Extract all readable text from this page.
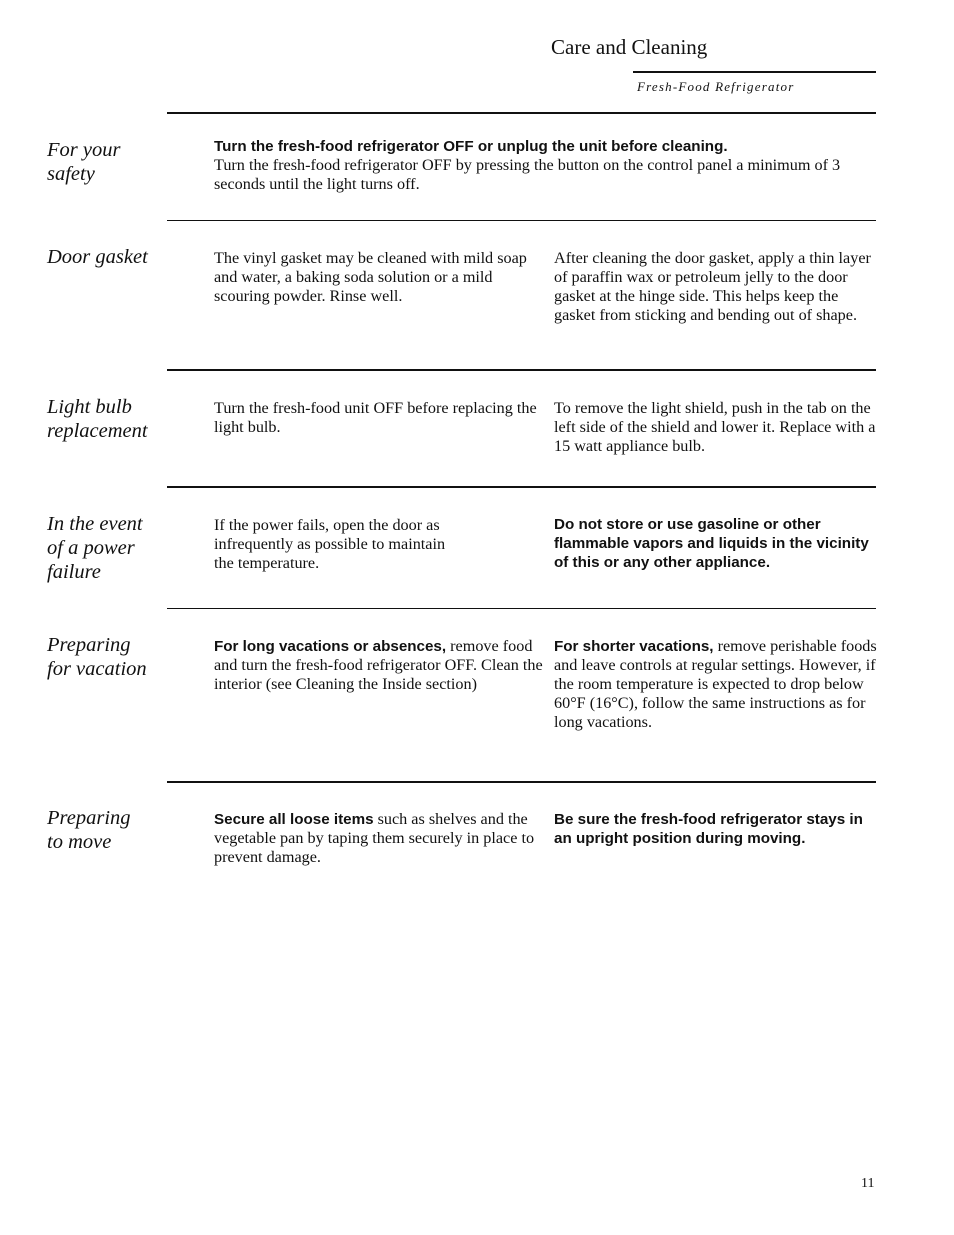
Care and Cleaning
Fresh-Food Refrigerator
For your
safety
Turn the fresh-food refrigerator OFF or unplug the unit before cleaning.
Turn the fresh-food refrigerator OFF by pressing the button on the control panel a minimum of 3 seconds until the light turns off.
Door gasket	The vinyl gasket may be cleaned with mild soap and water, a baking soda solution or a mild scouring powder. Rinse well.
After cleaning the door gasket, apply a thin layer of paraffin wax or petroleum jelly to the door gasket at the hinge side. This helps keep the gasket from sticking and bending out of shape.
Light bulb
replacement
Turn the fresh-food unit OFF before replacing the light bulb.
To remove the light shield, push in the tab on the left side of the shield and lower it. Replace with a 15 watt appliance bulb.
In the event
of a power
failure
If the power fails, open the door as
infrequently as possible to maintain
the temperature.
Do not store or use gasoline or other flammable vapors and liquids in the vicinity of this or any other appliance.
Preparing
for vacation
For long vacations or absences, remove food and turn the fresh-food refrigerator OFF. Clean the interior (see Cleaning the Inside section)
For shorter vacations, remove perishable foods and leave controls at regular settings. However, if the room temperature is expected to drop below 60°F (16°C), follow the same instructions as for long vacations.
Preparing
to move
Secure all loose items such as shelves and the vegetable pan by taping them securely in place to prevent damage.
Be sure the fresh-food refrigerator stays in an upright position during moving.
11
